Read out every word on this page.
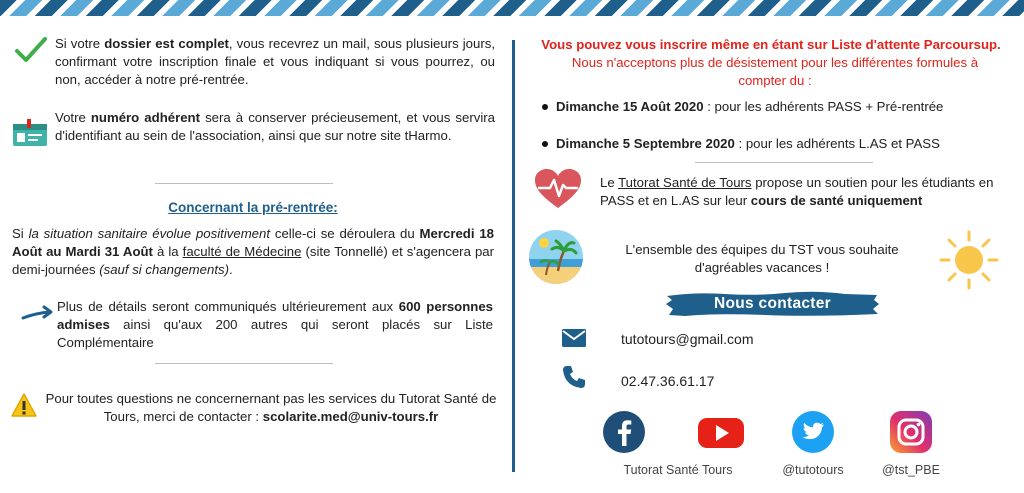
Si votre dossier est complet, vous recevrez un mail, sous plusieurs jours, confirmant votre inscription finale et vous indiquant si vous pourrez, ou non, accéder à notre pré-rentrée.
Votre numéro adhérent sera à conserver précieusement, et vous servira d'identifiant au sein de l'association, ainsi que sur notre site tHarmo.
Concernant la pré-rentrée:
Si la situation sanitaire évolue positivement celle-ci se déroulera du Mercredi 18 Août au Mardi 31 Août à la faculté de Médecine (site Tonnellé) et s'agencera par demi-journées (sauf si changements).
Plus de détails seront communiqués ultérieurement aux 600 personnes admises ainsi qu'aux 200 autres qui seront placés sur Liste Complémentaire
Pour toutes questions ne concernernant pas les services du Tutorat Santé de Tours, merci de contacter : scolarite.med@univ-tours.fr
Vous pouvez vous inscrire même en étant sur Liste d'attente Parcoursup.
Nous n'acceptons plus de désistement pour les différentes formules à compter du :
Dimanche 15 Août 2020 : pour les adhérents PASS + Pré-rentrée
Dimanche 5 Septembre 2020 : pour les adhérents L.AS et PASS
Le Tutorat Santé de Tours propose un soutien pour les étudiants en PASS et en L.AS sur leur cours de santé uniquement
L'ensemble des équipes du TST vous souhaite d'agréables vacances !
Nous contacter
tutotours@gmail.com
02.47.36.61.17
Tutorat Santé Tours	@tutotours	@tst_PBE
